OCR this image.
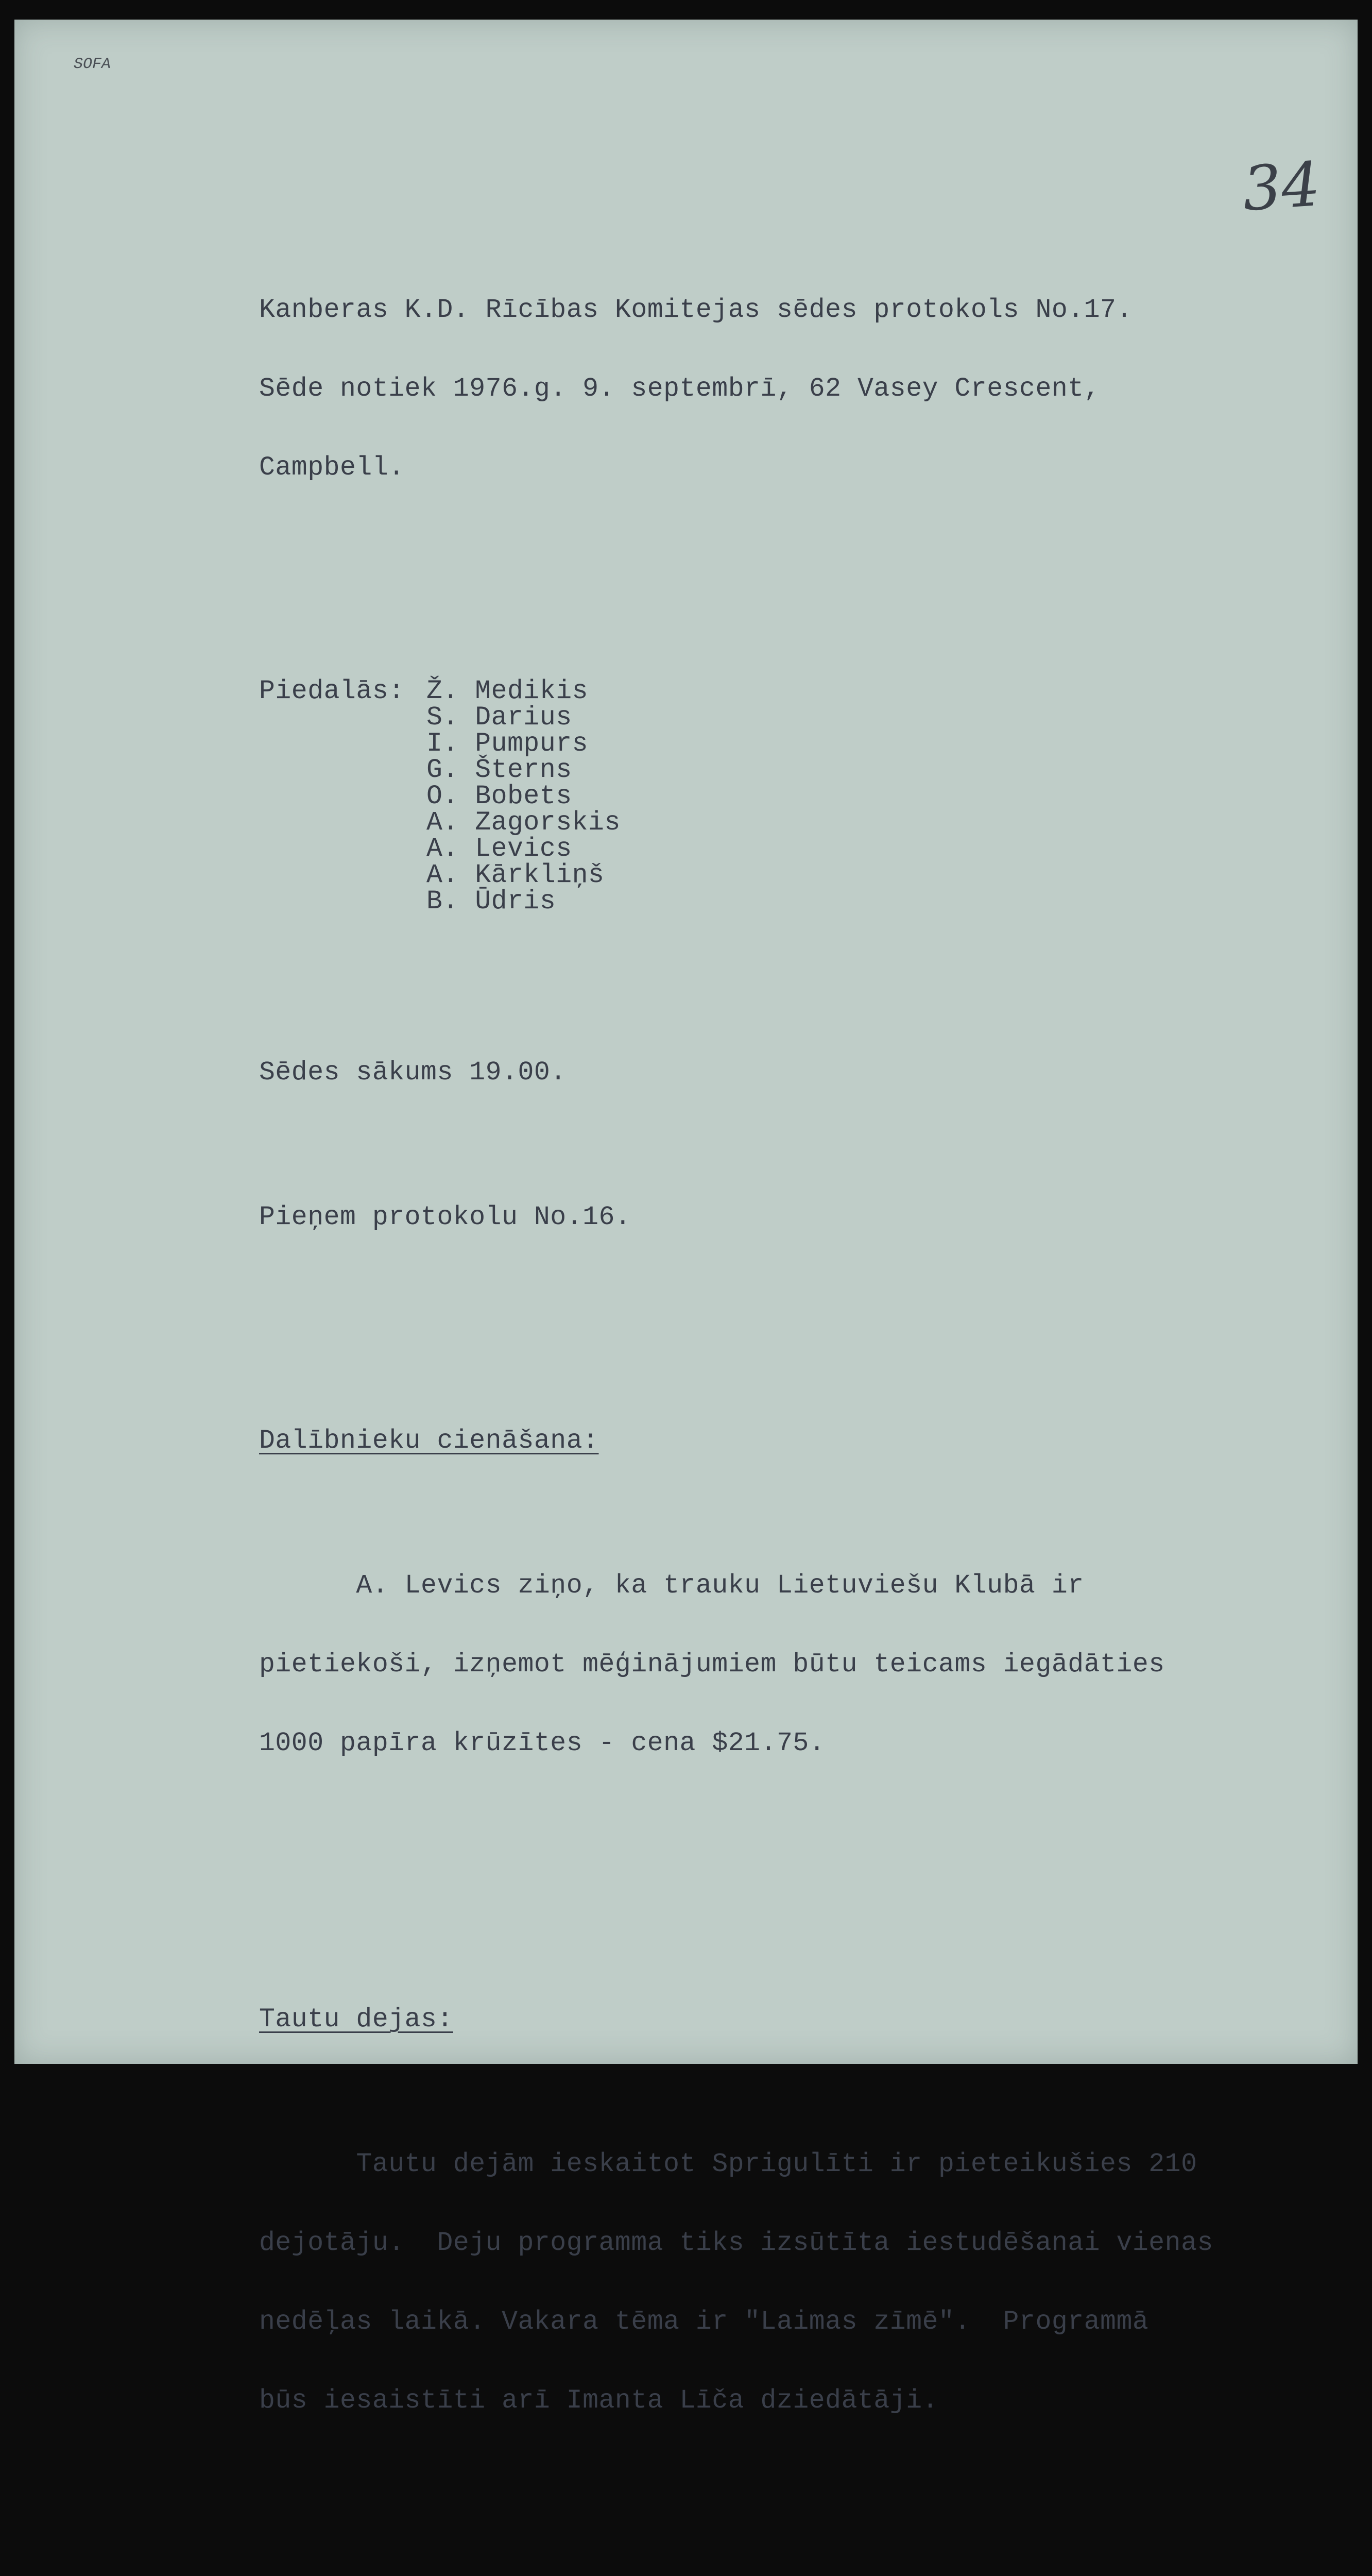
SOFA
34

Kanberas K.D. Rīcības Komitejas sēdes protokols No.17.

Sēde notiek 1976.g. 9. septembrī, 62 Vasey Crescent,

Campbell.

Piedalās: Ž. Medikis
S. Darius
I. Pumpurs
G. Šterns
O. Bobets
A. Zagorskis
A. Levics
A. Kārkliņš
B. Ūdris

Sēdes sākums 19.00.

Pieņem protokolu No.16.

Dalībnieku cienāšana:

A. Levics ziņo, ka trauku Lietuviešu Klubā ir

pietiekoši, izņemot mēģinājumiem būtu teicams iegādāties

1000 papīra krūzītes - cena $21.75.

Tautu dejas:

Tautu dejām ieskaitot Sprigulīti ir pieteikušies 210

dejotāju.  Deju programma tiks izsūtīta iestudēšanai vienas

nedēļas laikā. Vakara tēma ir "Laimas zīmē".  Programmā

būs iesaistīti arī Imanta Līča dziedātāji.
